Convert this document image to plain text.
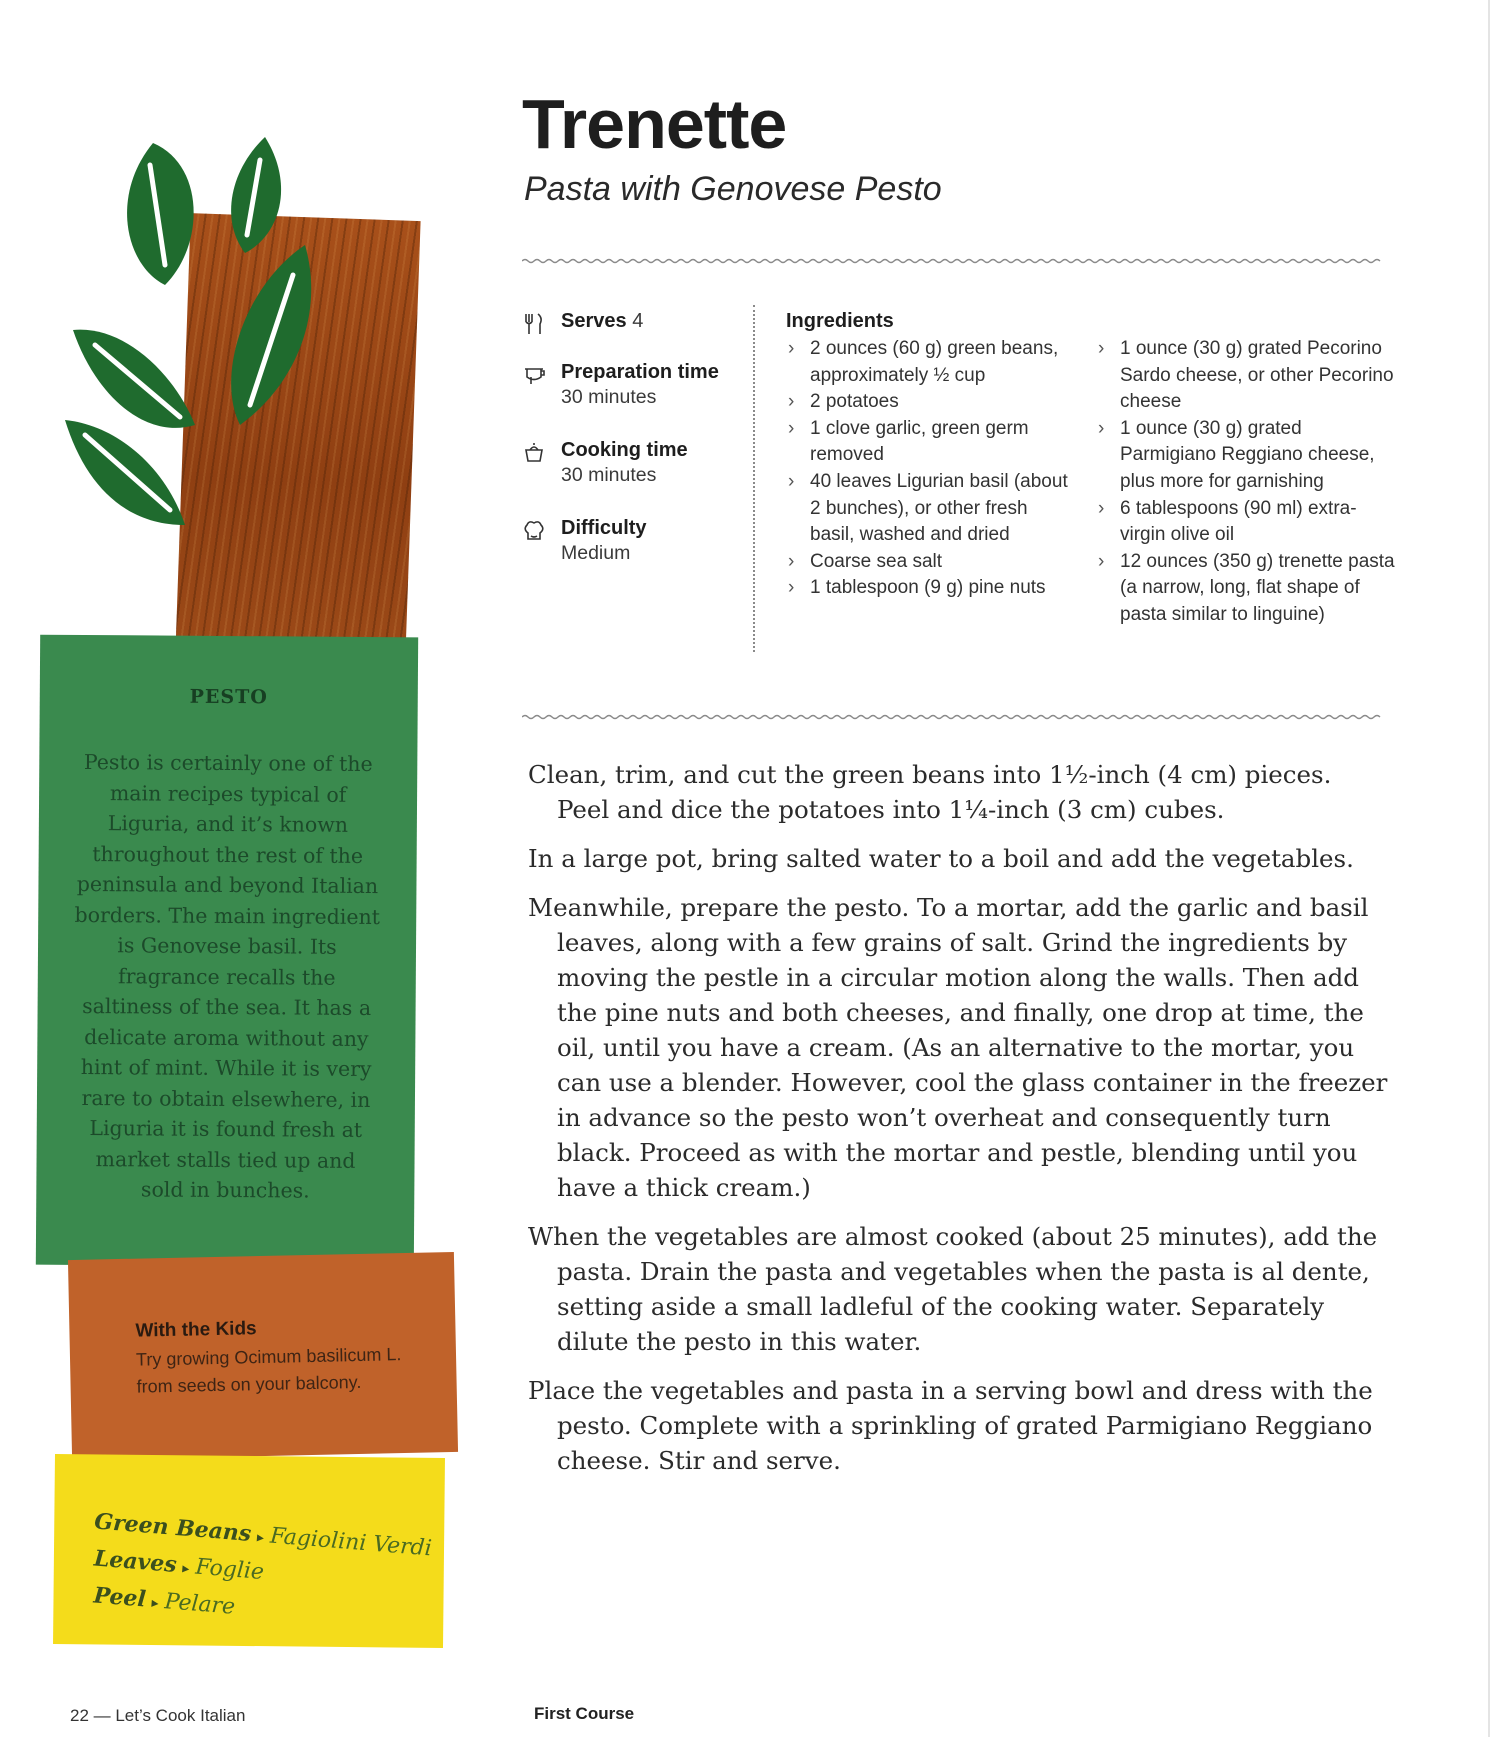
PESTO
Pesto is certainly one of the main recipes typical of Liguria, and it’s known throughout the rest of the peninsula and beyond Italian borders. The main ingredient is Genovese basil. Its fragrance recalls the saltiness of the sea. It has a delicate aroma without any hint of mint. While it is very rare to obtain elsewhere, in Liguria it is found fresh at market stalls tied up and sold in bunches.
With the Kids
Try growing Ocimum basilicum L. from seeds on your balcony.
Green Beans ▸ Fagiolini Verdi
Leaves ▸ Foglie
Peel ▸ Pelare
Trenette
Pasta with Genovese Pesto
Serves 4
Preparation time
30 minutes
Cooking time
30 minutes
Difficulty
Medium
Ingredients
› 2 ounces (60 g) green beans, approximately ½ cup
› 2 potatoes
› 1 clove garlic, green germ removed
› 40 leaves Ligurian basil (about 2 bunches), or other fresh basil, washed and dried
› Coarse sea salt
› 1 tablespoon (9 g) pine nuts
› 1 ounce (30 g) grated Pecorino Sardo cheese, or other Pecorino cheese
› 1 ounce (30 g) grated Parmigiano Reggiano cheese, plus more for garnishing
› 6 tablespoons (90 ml) extra-virgin olive oil
› 12 ounces (350 g) trenette pasta (a narrow, long, flat shape of pasta similar to linguine)

Clean, trim, and cut the green beans into 1½-inch (4 cm) pieces. Peel and dice the potatoes into 1¼-inch (3 cm) cubes.

In a large pot, bring salted water to a boil and add the vegetables.

Meanwhile, prepare the pesto. To a mortar, add the garlic and basil leaves, along with a few grains of salt. Grind the ingredients by moving the pestle in a circular motion along the walls. Then add the pine nuts and both cheeses, and finally, one drop at time, the oil, until you have a cream. (As an alternative to the mortar, you can use a blender. However, cool the glass container in the freezer in advance so the pesto won’t overheat and consequently turn black. Proceed as with the mortar and pestle, blending until you have a thick cream.)

When the vegetables are almost cooked (about 25 minutes), add the pasta. Drain the pasta and vegetables when the pasta is al dente, setting aside a small ladleful of the cooking water. Separately dilute the pesto in this water.

Place the vegetables and pasta in a serving bowl and dress with the pesto. Complete with a sprinkling of grated Parmigiano Reggiano cheese. Stir and serve.

22 — Let’s Cook Italian	First Course
